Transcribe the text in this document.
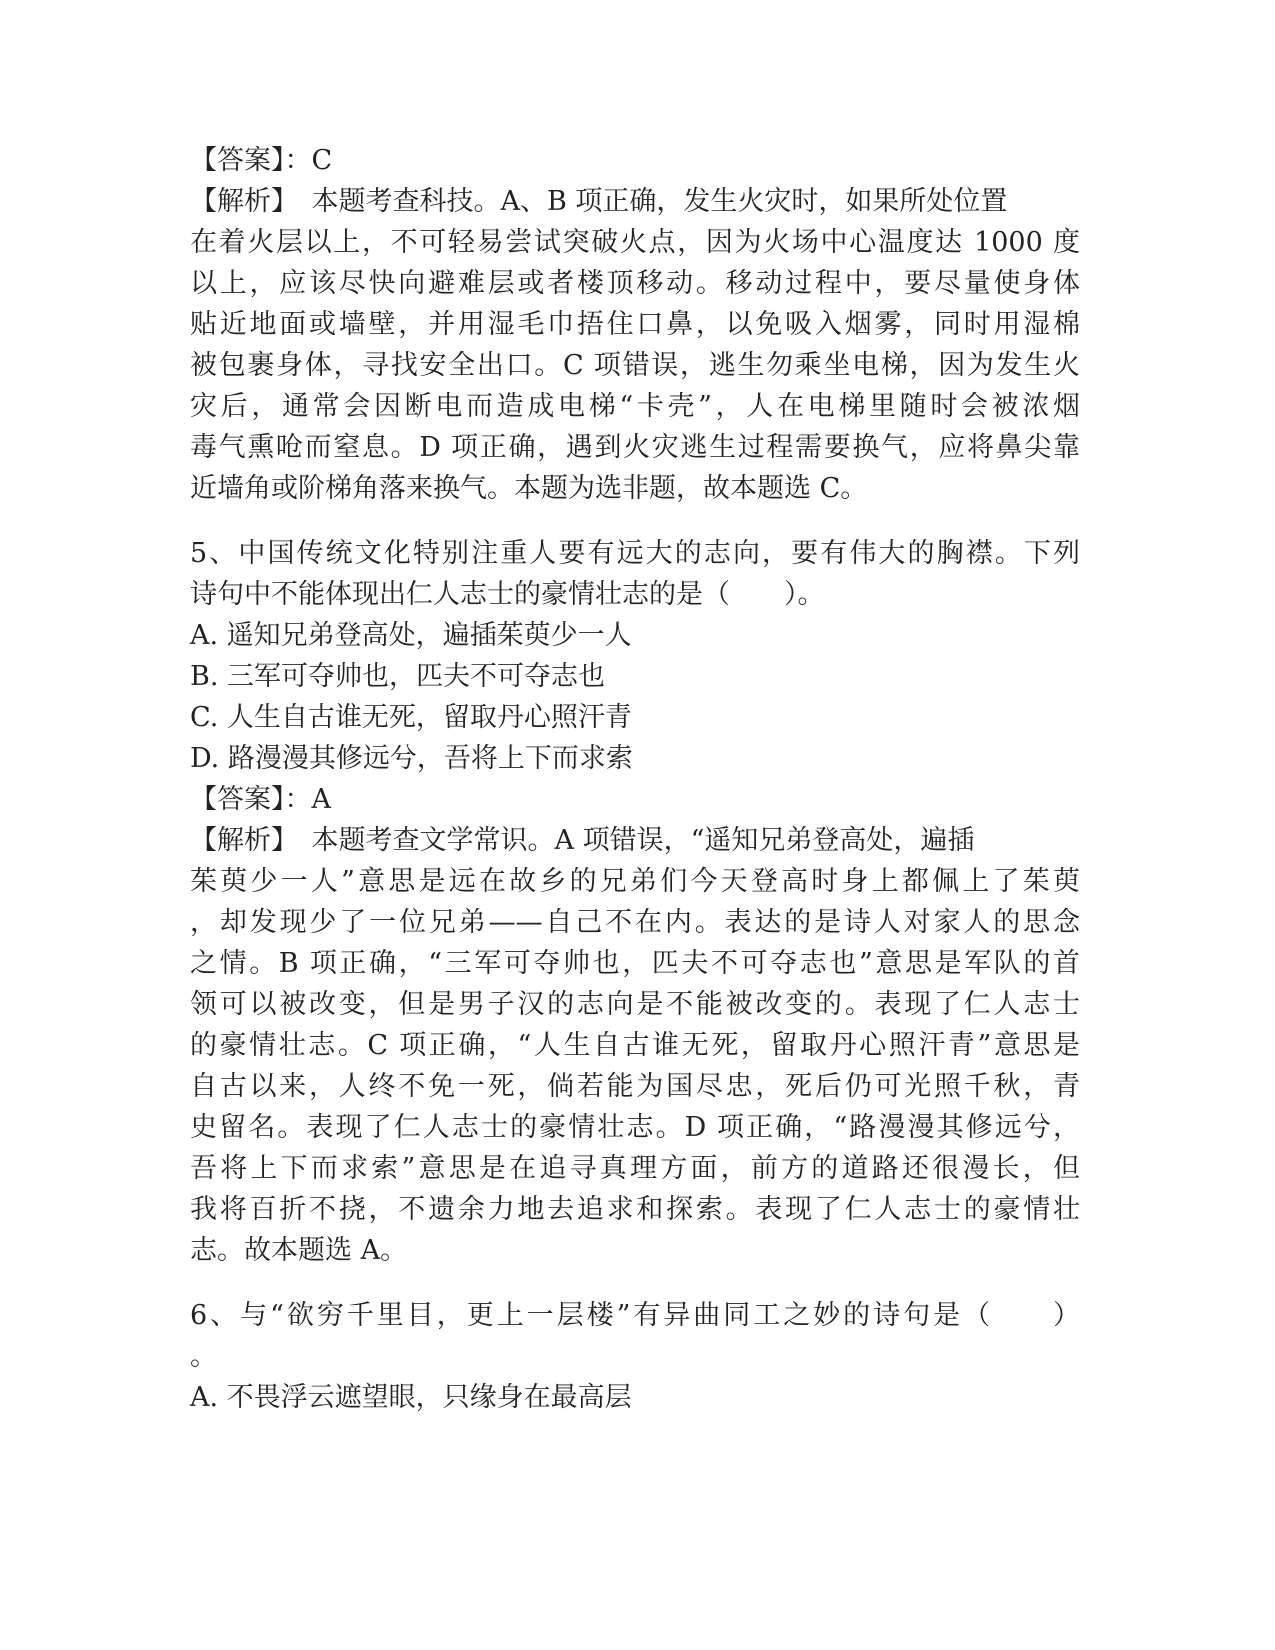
【答案】：C
【解析】　本题考查科技。A、B 项正确，发生火灾时，如果所处位置
在着火层以上，不可轻易尝试突破火点，因为火场中心温度达 1000 度
以上，应该尽快向避难层或者楼顶移动。移动过程中，要尽量使身体
贴近地面或墙壁，并用湿毛巾捂住口鼻，以免吸入烟雾，同时用湿棉
被包裹身体，寻找安全出口。C 项错误，逃生勿乘坐电梯，因为发生火
灾后，通常会因断电而造成电梯“卡壳”，人在电梯里随时会被浓烟
毒气熏呛而窒息。D 项正确，遇到火灾逃生过程需要换气，应将鼻尖靠
近墙角或阶梯角落来换气。本题为选非题，故本题选 C。
5、中国传统文化特别注重人要有远大的志向，要有伟大的胸襟。下列
诗句中不能体现出仁人志士的豪情壮志的是（　　）。
A. 遥知兄弟登高处，遍插茱萸少一人
B. 三军可夺帅也，匹夫不可夺志也
C. 人生自古谁无死，留取丹心照汗青
D. 路漫漫其修远兮，吾将上下而求索
【答案】：A
【解析】　本题考查文学常识。A 项错误，“遥知兄弟登高处，遍插
茱萸少一人”意思是远在故乡的兄弟们今天登高时身上都佩上了茱萸
，却发现少了一位兄弟——自己不在内。表达的是诗人对家人的思念
之情。B 项正确，“三军可夺帅也，匹夫不可夺志也”意思是军队的首
领可以被改变，但是男子汉的志向是不能被改变的。表现了仁人志士
的豪情壮志。C 项正确，“人生自古谁无死，留取丹心照汗青”意思是
自古以来，人终不免一死，倘若能为国尽忠，死后仍可光照千秋，青
史留名。表现了仁人志士的豪情壮志。D 项正确，“路漫漫其修远兮，
吾将上下而求索”意思是在追寻真理方面，前方的道路还很漫长，但
我将百折不挠，不遗余力地去追求和探索。表现了仁人志士的豪情壮
志。故本题选 A。
6、与“欲穷千里目，更上一层楼”有异曲同工之妙的诗句是（　　）
。
A. 不畏浮云遮望眼，只缘身在最高层
